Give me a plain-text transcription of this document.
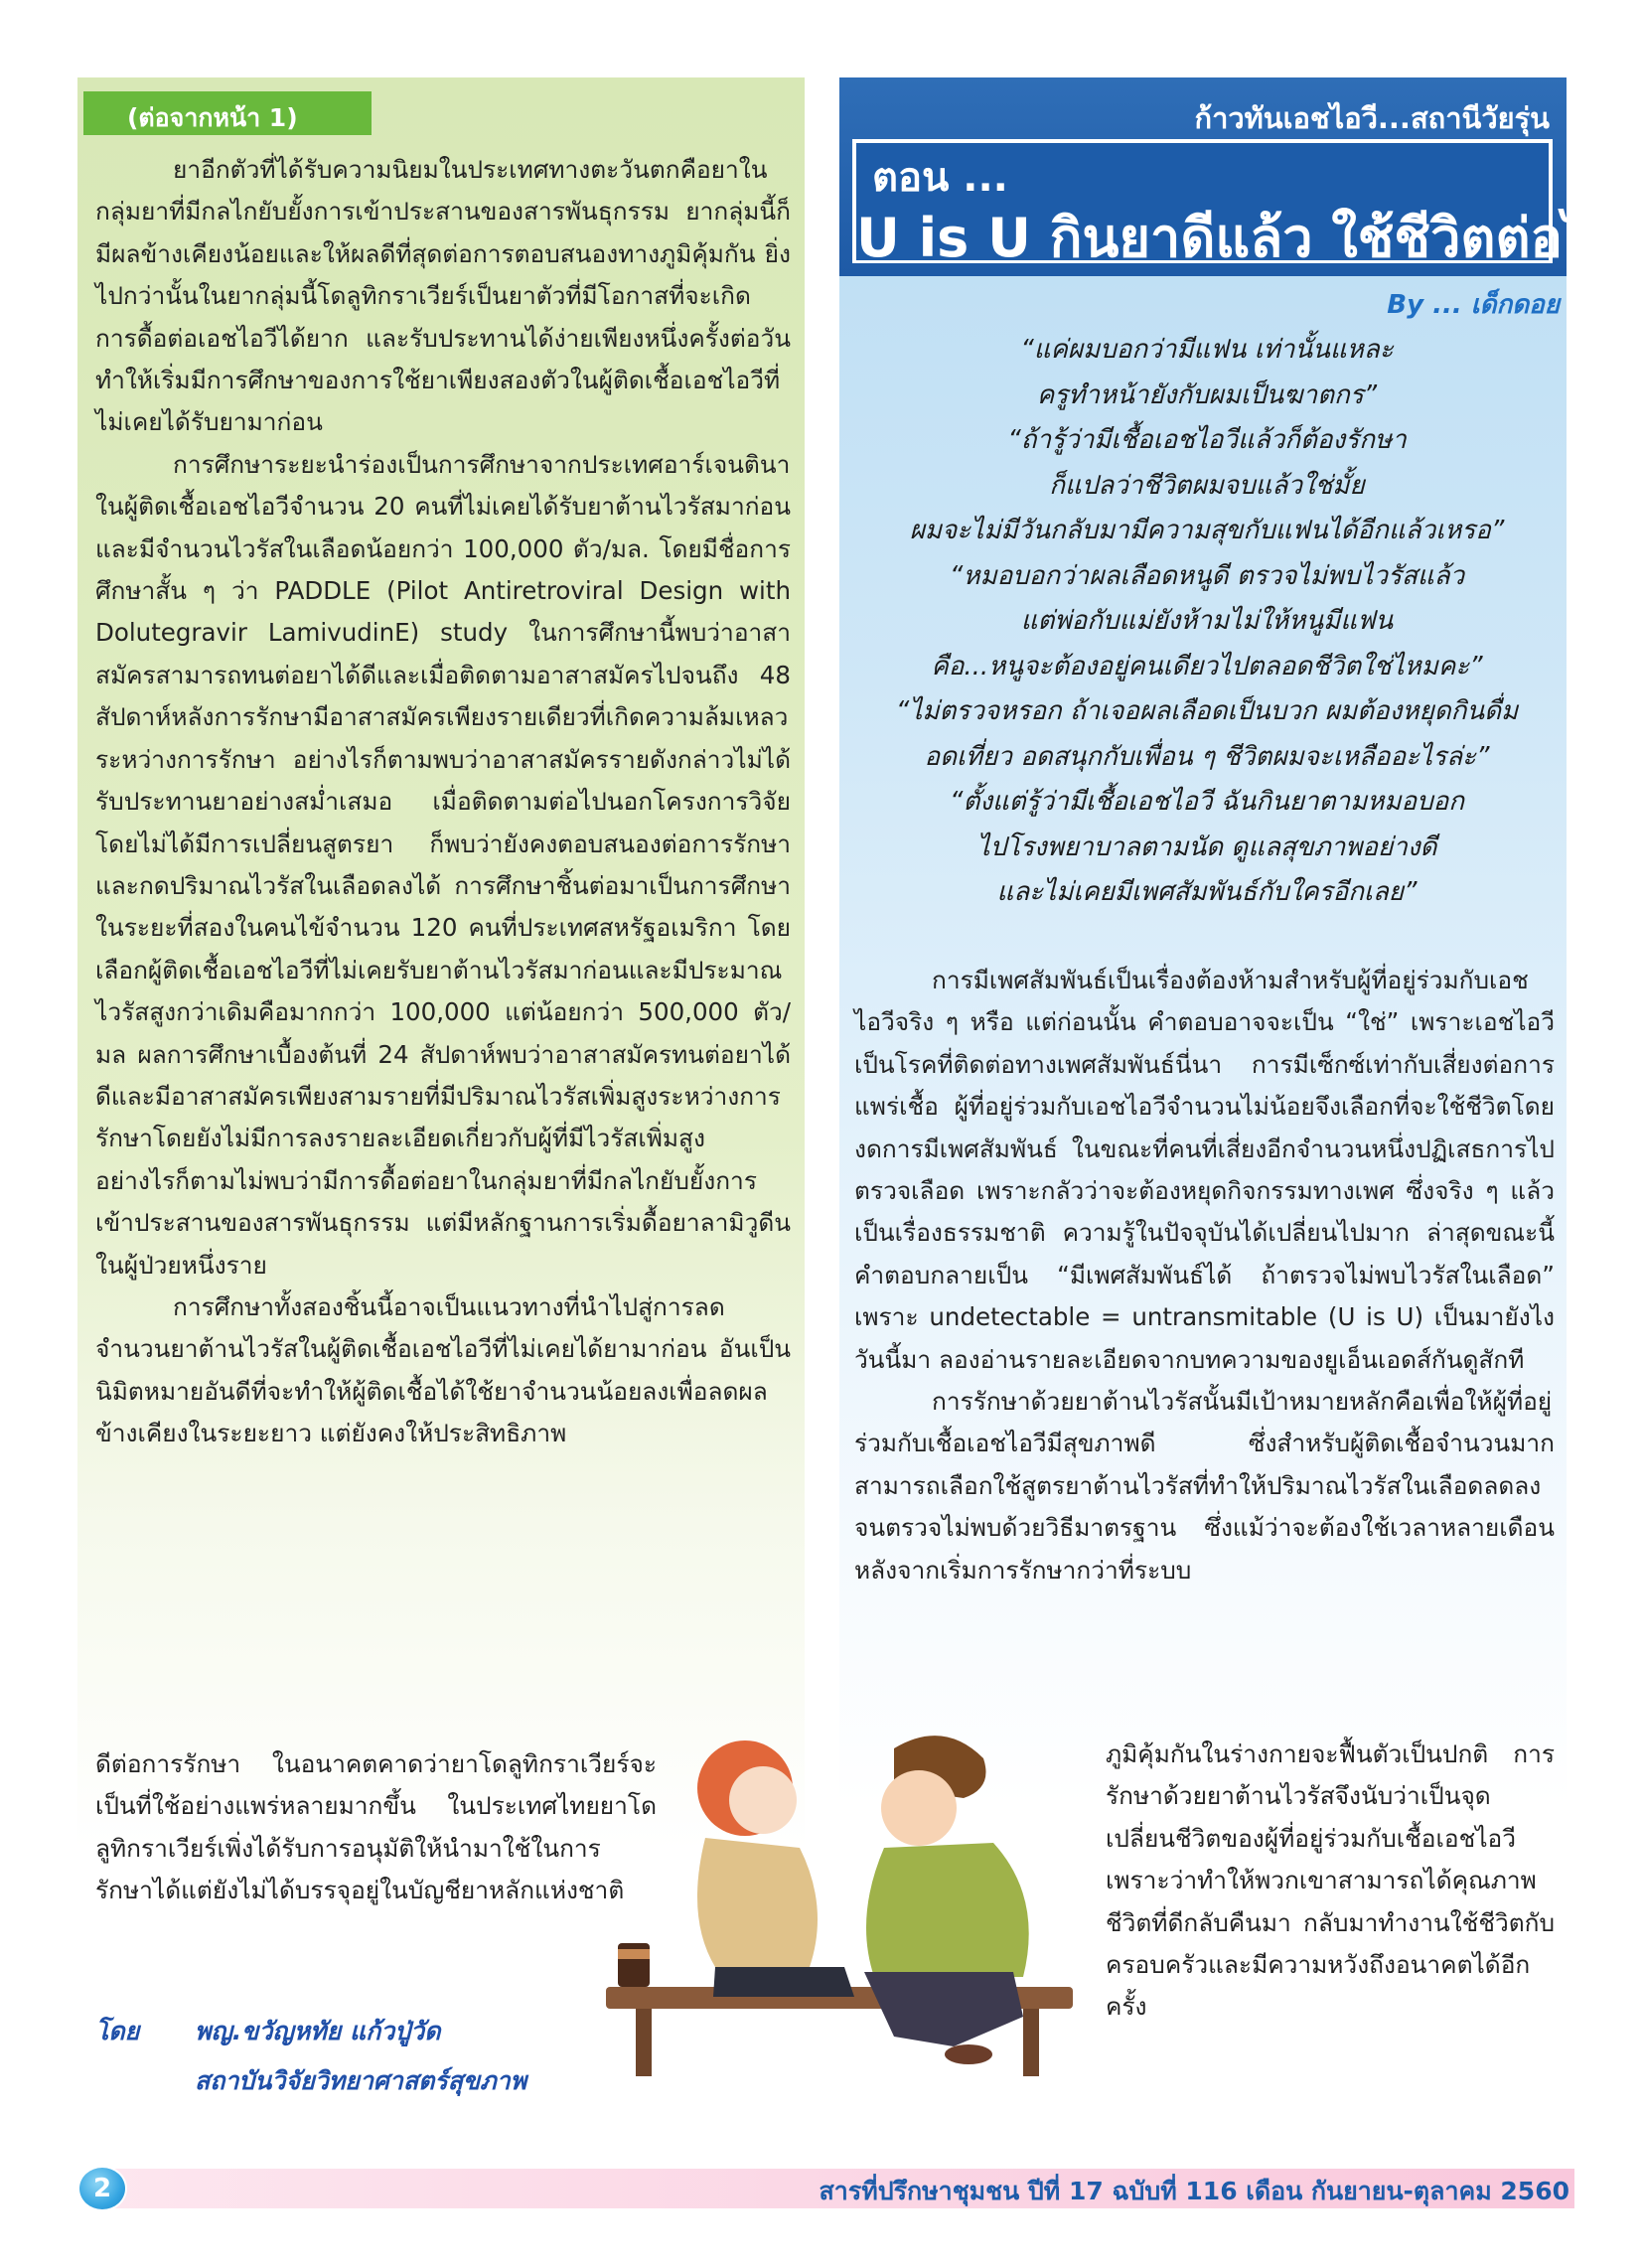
(ต่อจากหน้า 1)

ยาอีกตัวที่ได้รับความนิยมในประเทศทางตะวันตกคือยาในกลุ่มยาที่มีกลไกยับยั้งการเข้าประสานของสารพันธุกรรม ยากลุ่มนี้ก็มีผลข้างเคียงน้อยและให้ผลดีที่สุดต่อการตอบสนองทางภูมิคุ้มกัน ยิ่งไปกว่านั้นในยากลุ่มนี้โดลูทิกราเวียร์เป็นยาตัวที่มีโอกาสที่จะเกิดการดื้อต่อเอชไอวีได้ยาก และรับประทานได้ง่ายเพียงหนึ่งครั้งต่อวัน ทำให้เริ่มมีการศึกษาของการใช้ยาเพียงสองตัวในผู้ติดเชื้อเอชไอวีที่ไม่เคยได้รับยามาก่อน

การศึกษาระยะนำร่องเป็นการศึกษาจากประเทศอาร์เจนตินาในผู้ติดเชื้อเอชไอวีจำนวน 20 คนที่ไม่เคยได้รับยาต้านไวรัสมาก่อน และมีจำนวนไวรัสในเลือดน้อยกว่า 100,000 ตัว/มล. โดยมีชื่อการศึกษาสั้น ๆ ว่า PADDLE (Pilot Antiretroviral Design with Dolutegravir LamivudinE) study ในการศึกษานี้พบว่าอาสาสมัครสามารถทนต่อยาได้ดีและเมื่อติดตามอาสาสมัครไปจนถึง 48 สัปดาห์หลังการรักษามีอาสาสมัครเพียงรายเดียวที่เกิดความล้มเหลวระหว่างการรักษา อย่างไรก็ตามพบว่าอาสาสมัครรายดังกล่าวไม่ได้รับประทานยาอย่างสม่ำเสมอ เมื่อติดตามต่อไปนอกโครงการวิจัยโดยไม่ได้มีการเปลี่ยนสูตรยา ก็พบว่ายังคงตอบสนองต่อการรักษาและกดปริมาณไวรัสในเลือดลงได้ การศึกษาชิ้นต่อมาเป็นการศึกษาในระยะที่สองในคนไข้จำนวน 120 คนที่ประเทศสหรัฐอเมริกา โดยเลือกผู้ติดเชื้อเอชไอวีที่ไม่เคยรับยาต้านไวรัสมาก่อนและมีประมาณไวรัสสูงกว่าเดิมคือมากกว่า 100,000 แต่น้อยกว่า 500,000 ตัว/มล ผลการศึกษาเบื้องต้นที่ 24 สัปดาห์พบว่าอาสาสมัครทนต่อยาได้ดีและมีอาสาสมัครเพียงสามรายที่มีปริมาณไวรัสเพิ่มสูงระหว่างการรักษาโดยยังไม่มีการลงรายละเอียดเกี่ยวกับผู้ที่มีไวรัสเพิ่มสูง อย่างไรก็ตามไม่พบว่ามีการดื้อต่อยาในกลุ่มยาที่มีกลไกยับยั้งการเข้าประสานของสารพันธุกรรม แต่มีหลักฐานการเริ่มดื้อยาลามิวูดีนในผู้ป่วยหนึ่งราย

การศึกษาทั้งสองชิ้นนี้อาจเป็นแนวทางที่นำไปสู่การลดจำนวนยาต้านไวรัสในผู้ติดเชื้อเอชไอวีที่ไม่เคยได้ยามาก่อน อันเป็นนิมิตหมายอันดีที่จะทำให้ผู้ติดเชื้อได้ใช้ยาจำนวนน้อยลงเพื่อลดผลข้างเคียงในระยะยาว แต่ยังคงให้ประสิทธิภาพ

ดีต่อการรักษา ในอนาคตคาดว่ายาโดลูทิกราเวียร์จะเป็นที่ใช้อย่างแพร่หลายมากขึ้น ในประเทศไทยยาโดลูทิกราเวียร์เพิ่งได้รับการอนุมัติให้นำมาใช้ในการรักษาได้แต่ยังไม่ได้บรรจุอยู่ในบัญชียาหลักแห่งชาติ
โดย พญ.ขวัญหทัย แก้วปู่วัด
สถาบันวิจัยวิทยาศาสตร์สุขภาพ
ก้าวทันเอชไอวี...สถานีวัยรุ่น
ตอน ...
U is U กินยาดีแล้ว ใช้ชีวิตต่อได้
By ... เด็กดอย
“แค่ผมบอกว่ามีแฟน เท่านั้นแหละ
ครูทำหน้ายังกับผมเป็นฆาตกร”
“ถ้ารู้ว่ามีเชื้อเอชไอวีแล้วก็ต้องรักษา
ก็แปลว่าชีวิตผมจบแล้วใช่มั้ย
ผมจะไม่มีวันกลับมามีความสุขกับแฟนได้อีกแล้วเหรอ”
“หมอบอกว่าผลเลือดหนูดี ตรวจไม่พบไวรัสแล้ว
แต่พ่อกับแม่ยังห้ามไม่ให้หนูมีแฟน
คือ...หนูจะต้องอยู่คนเดียวไปตลอดชีวิตใช่ไหมคะ”
“ไม่ตรวจหรอก ถ้าเจอผลเลือดเป็นบวก ผมต้องหยุดกินดื่ม
อดเที่ยว อดสนุกกับเพื่อน ๆ ชีวิตผมจะเหลืออะไรล่ะ”
“ตั้งแต่รู้ว่ามีเชื้อเอชไอวี ฉันกินยาตามหมอบอก
ไปโรงพยาบาลตามนัด ดูแลสุขภาพอย่างดี
และไม่เคยมีเพศสัมพันธ์กับใครอีกเลย”

การมีเพศสัมพันธ์เป็นเรื่องต้องห้ามสำหรับผู้ที่อยู่ร่วมกับเอชไอวีจริง ๆ หรือ แต่ก่อนนั้น คำตอบอาจจะเป็น “ใช่” เพราะเอชไอวีเป็นโรคที่ติดต่อทางเพศสัมพันธ์นี่นา การมีเซ็กซ์เท่ากับเสี่ยงต่อการแพร่เชื้อ ผู้ที่อยู่ร่วมกับเอชไอวีจำนวนไม่น้อยจึงเลือกที่จะใช้ชีวิตโดยงดการมีเพศสัมพันธ์ ในขณะที่คนที่เสี่ยงอีกจำนวนหนึ่งปฏิเสธการไปตรวจเลือด เพราะกลัวว่าจะต้องหยุดกิจกรรมทางเพศ ซึ่งจริง ๆ แล้วเป็นเรื่องธรรมชาติ ความรู้ในปัจจุบันได้เปลี่ยนไปมาก ล่าสุดขณะนี้ คำตอบกลายเป็น “มีเพศสัมพันธ์ได้ ถ้าตรวจไม่พบไวรัสในเลือด” เพราะ undetectable = untransmitable (U is U) เป็นมายังไงวันนี้มา ลองอ่านรายละเอียดจากบทความของยูเอ็นเอดส์กันดูสักที

การรักษาด้วยยาต้านไวรัสนั้นมีเป้าหมายหลักคือเพื่อให้ผู้ที่อยู่ร่วมกับเชื้อเอชไอวีมีสุขภาพดี ซึ่งสำหรับผู้ติดเชื้อจำนวนมากสามารถเลือกใช้สูตรยาต้านไวรัสที่ทำให้ปริมาณไวรัสในเลือดลดลงจนตรวจไม่พบด้วยวิธีมาตรฐาน ซึ่งแม้ว่าจะต้องใช้เวลาหลายเดือนหลังจากเริ่มการรักษากว่าที่ระบบ

ภูมิคุ้มกันในร่างกายจะฟื้นตัวเป็นปกติ การรักษาด้วยยาต้านไวรัสจึงนับว่าเป็นจุดเปลี่ยนชีวิตของผู้ที่อยู่ร่วมกับเชื้อเอชไอวีเพราะว่าทำให้พวกเขาสามารถได้คุณภาพชีวิตที่ดีกลับคืนมา กลับมาทำงานใช้ชีวิตกับครอบครัวและมีความหวังถึงอนาคตได้อีกครั้ง
2	สารที่ปรึกษาชุมชน ปีที่ 17 ฉบับที่ 116 เดือน กันยายน-ตุลาคม 2560
